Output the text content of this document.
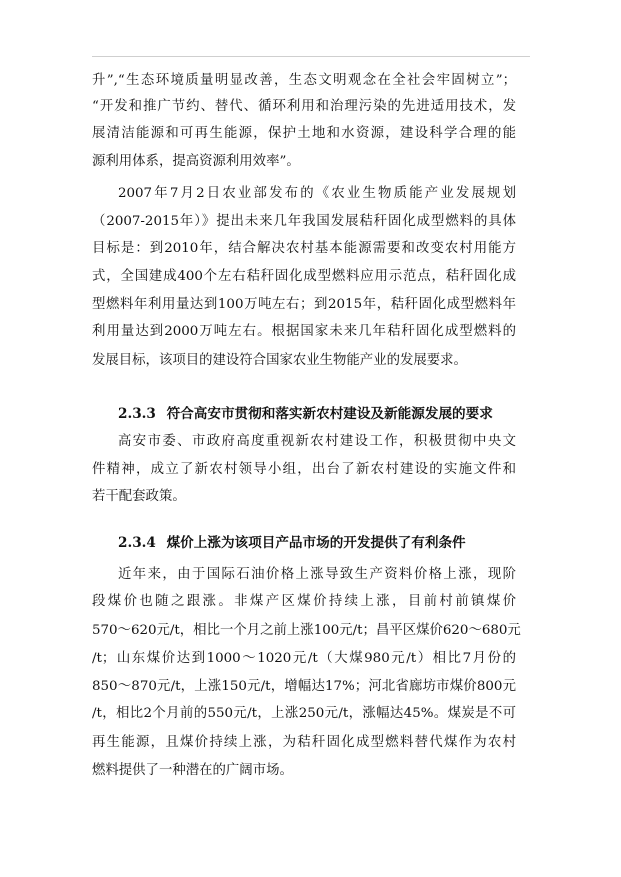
升”,“生态环境质量明显改善，生态文明观念在全社会牢固树立”；
“开发和推广节约、替代、循环利用和治理污染的先进适用技术，发
展清洁能源和可再生能源，保护土地和水资源，建设科学合理的能
源利用体系，提高资源利用效率”。
2007年7月2日农业部发布的《农业生物质能产业发展规划
（2007-2015年）》提出未来几年我国发展秸秆固化成型燃料的具体
目标是：到2010年，结合解决农村基本能源需要和改变农村用能方
式，全国建成400个左右秸秆固化成型燃料应用示范点，秸秆固化成
型燃料年利用量达到100万吨左右；到2015年，秸秆固化成型燃料年
利用量达到2000万吨左右。根据国家未来几年秸秆固化成型燃料的
发展目标，该项目的建设符合国家农业生物能产业的发展要求。
2.3.3 符合高安市贯彻和落实新农村建设及新能源发展的要求
高安市委、市政府高度重视新农村建设工作，积极贯彻中央文
件精神，成立了新农村领导小组，出台了新农村建设的实施文件和
若干配套政策。
2.3.4 煤价上涨为该项目产品市场的开发提供了有利条件
近年来，由于国际石油价格上涨导致生产资料价格上涨，现阶
段煤价也随之跟涨。非煤产区煤价持续上涨，目前村前镇煤价
570～620元/t，相比一个月之前上涨100元/t；昌平区煤价620～680元
/t；山东煤价达到1000～1020元/t（大煤980元/t）相比7月份的
850～870元/t，上涨150元/t，增幅达17%；河北省廊坊市煤价800元
/t，相比2个月前的550元/t，上涨250元/t，涨幅达45%。煤炭是不可
再生能源，且煤价持续上涨，为秸秆固化成型燃料替代煤作为农村
燃料提供了一种潜在的广阔市场。
